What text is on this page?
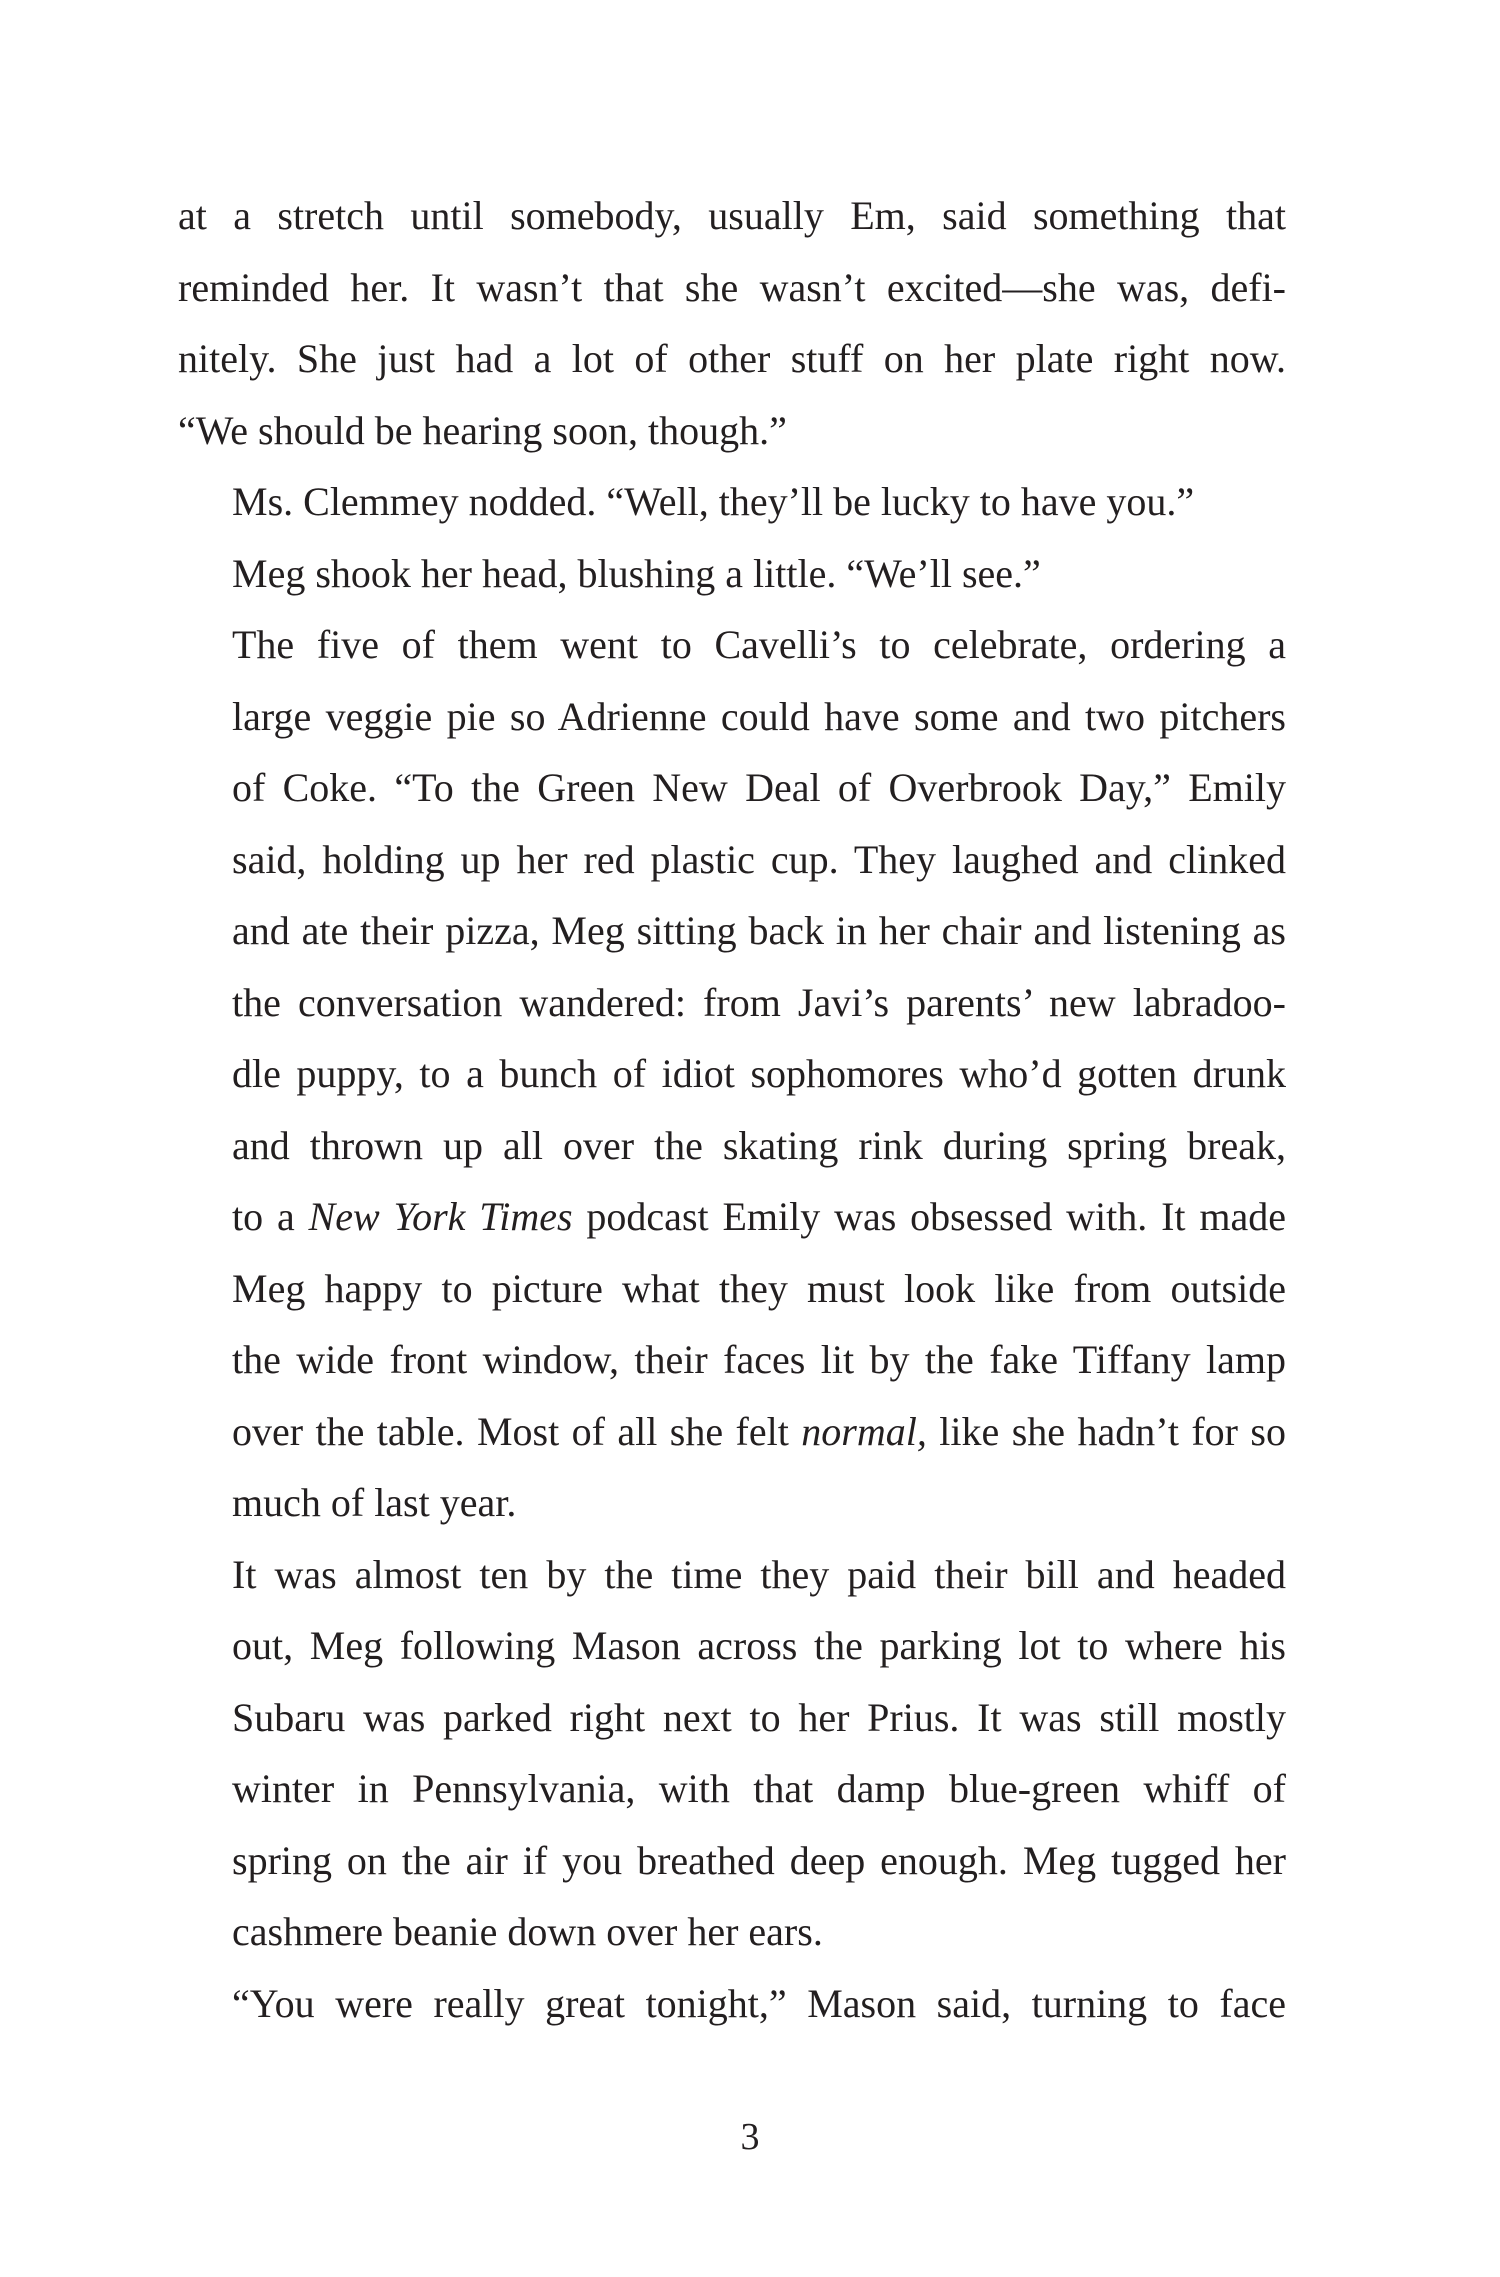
at a stretch until somebody, usually Em, said something that
reminded her. It wasn’t that she wasn’t excited—she was, defi-
nitely. She just had a lot of other stuff on her plate right now.
“We should be hearing soon, though.”

Ms. Clemmey nodded. “Well, they’ll be lucky to have you.”

Meg shook her head, blushing a little. “We’ll see.”

The five of them went to Cavelli’s to celebrate, ordering a
large veggie pie so Adrienne could have some and two pitchers
of Coke. “To the Green New Deal of Overbrook Day,” Emily
said, holding up her red plastic cup. They laughed and clinked
and ate their pizza, Meg sitting back in her chair and listening as
the conversation wandered: from Javi’s parents’ new labradoo-
dle puppy, to a bunch of idiot sophomores who’d gotten drunk
and thrown up all over the skating rink during spring break,
to a New York Times podcast Emily was obsessed with. It made
Meg happy to picture what they must look like from outside
the wide front window, their faces lit by the fake Tiffany lamp
over the table. Most of all she felt normal, like she hadn’t for so
much of last year.

It was almost ten by the time they paid their bill and headed
out, Meg following Mason across the parking lot to where his
Subaru was parked right next to her Prius. It was still mostly
winter in Pennsylvania, with that damp blue-green whiff of
spring on the air if you breathed deep enough. Meg tugged her
cashmere beanie down over her ears.

“You were really great tonight,” Mason said, turning to face

3
